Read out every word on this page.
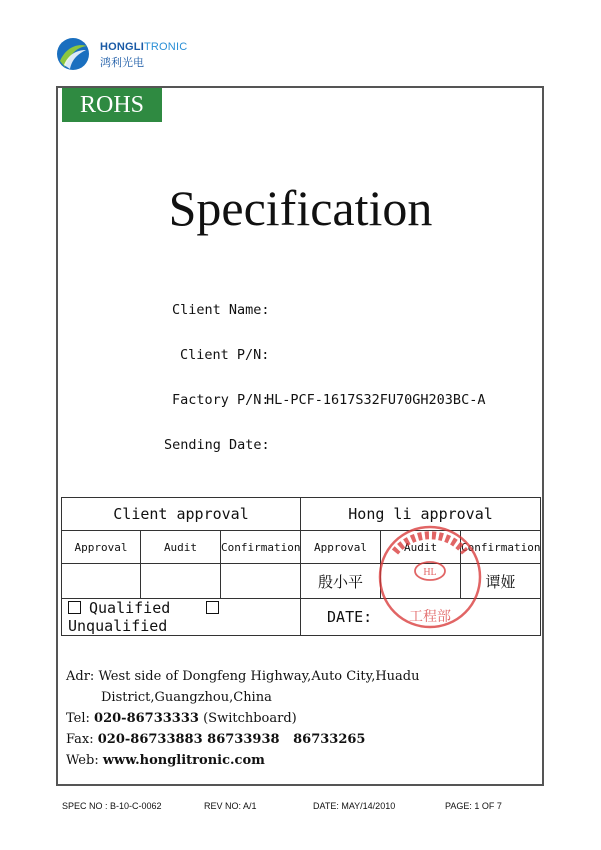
HONGLITRONIC
鸿利光电
ROHS
Specification
Client Name:
Client P/N:
Factory P/N:
HL-PCF-1617S32FU70GH203BC-A
Sending Date:
Client approval			Hong li approval		
Approval	Audit	Confirmation	Approval	Audit	Confirmation
			殷小平		谭娅
Qualified  Unqualified			DATE:		
HL
工程部
Adr: West side of Dongfeng Highway,Auto City,Huadu
District,Guangzhou,China
Tel: 020-86733333 (Switchboard)
Fax: 020-86733883 86733938   86733265
Web: www.honglitronic.com
SPEC NO : B-10-C-0062	REV NO: A/1	DATE: MAY/14/2010	PAGE: 1 OF 7
